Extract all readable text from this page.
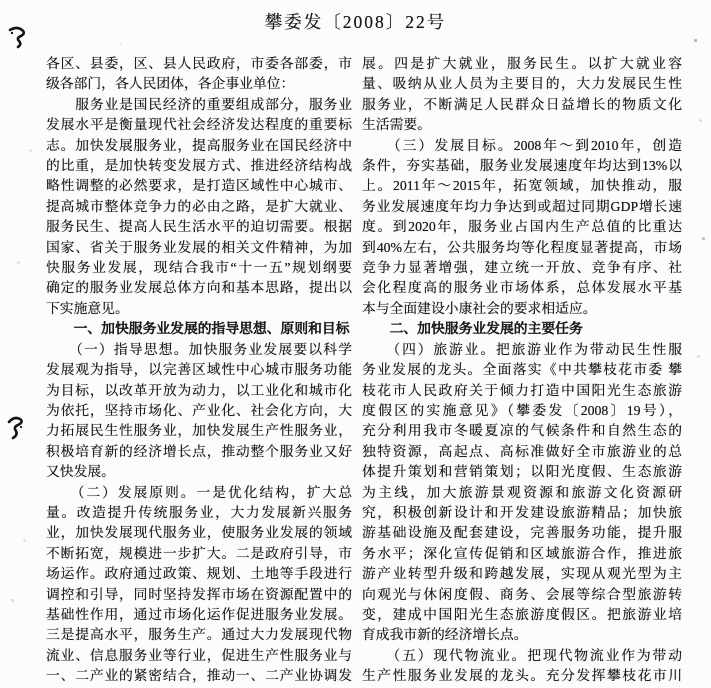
攀委发〔2008〕22号
各区、县委，区、县人民政府，市委各部委，市
级各部门，各人民团体，各企事业单位：
　　服务业是国民经济的重要组成部分，服务业
发展水平是衡量现代社会经济发达程度的重要标
志。加快发展服务业，提高服务业在国民经济中
的比重，是加快转变发展方式、推进经济结构战
略性调整的必然要求，是打造区域性中心城市、
提高城市整体竞争力的必由之路，是扩大就业、
服务民生、提高人民生活水平的迫切需要。根据
国家、省关于服务业发展的相关文件精神，为加
快服务业发展，现结合我市“十一五”规划纲要
确定的服务业发展总体方向和基本思路，提出以
下实施意见。
　　一、加快服务业发展的指导思想、原则和目标
　　（一）指导思想。加快服务业发展要以科学
发展观为指导，以完善区域性中心城市服务功能
为目标，以改革开放为动力，以工业化和城市化
为依托，坚持市场化、产业化、社会化方向，大
力拓展民生性服务业，加快发展生产性服务业，
积极培育新的经济增长点，推动整个服务业又好
又快发展。
　　（二）发展原则。一是优化结构，扩大总
量。改造提升传统服务业，大力发展新兴服务
业，加快发展现代服务业，使服务业发展的领域
不断拓宽，规模进一步扩大。二是政府引导，市
场运作。政府通过政策、规划、土地等手段进行
调控和引导，同时坚持发挥市场在资源配置中的
基础性作用，通过市场化运作促进服务业发展。
三是提高水平，服务生产。通过大力发展现代物
流业、信息服务业等行业，促进生产性服务业与
一、二产业的紧密结合，推动一、二产业协调发
展。四是扩大就业，服务民生。以扩大就业容
量、吸纳从业人员为主要目的，大力发展民生性
服务业，不断满足人民群众日益增长的物质文化
生活需要。
　　（三）发展目标。2008年～到2010年，创造
条件，夯实基础，服务业发展速度年均达到13%以
上。2011年～2015年，拓宽领域，加快推动，服
务业发展速度年均力争达到或超过同期GDP增长速
度。到2020年，服务业占国内生产总值的比重达
到40%左右，公共服务均等化程度显著提高，市场
竞争力显著增强，建立统一开放、竞争有序、社
会化程度高的服务业市场体系，总体发展水平基
本与全面建设小康社会的要求相适应。
　　二、加快服务业发展的主要任务
　　（四）旅游业。把旅游业作为带动民生性服
务业发展的龙头。全面落实《中共攀枝花市委 攀
枝花市人民政府关于倾力打造中国阳光生态旅游
度假区的实施意见》（攀委发〔2008〕19号），
充分利用我市冬暖夏凉的气候条件和自然生态的
独特资源，高起点、高标准做好全市旅游业的总
体提升策划和营销策划；以阳光度假、生态旅游
为主线，加大旅游景观资源和旅游文化资源研
究，积极创新设计和开发建设旅游精品；加快旅
游基础设施及配套建设，完善服务功能，提升服
务水平；深化宣传促销和区域旅游合作，推进旅
游产业转型升级和跨越发展，实现从观光型为主
向观光与休闲度假、商务、会展等综合型旅游转
变，建成中国阳光生态旅游度假区。把旅游业培
育成我市新的经济增长点。
　　（五）现代物流业。把现代物流业作为带动
生产性服务业发展的龙头。充分发挥攀枝花市川
